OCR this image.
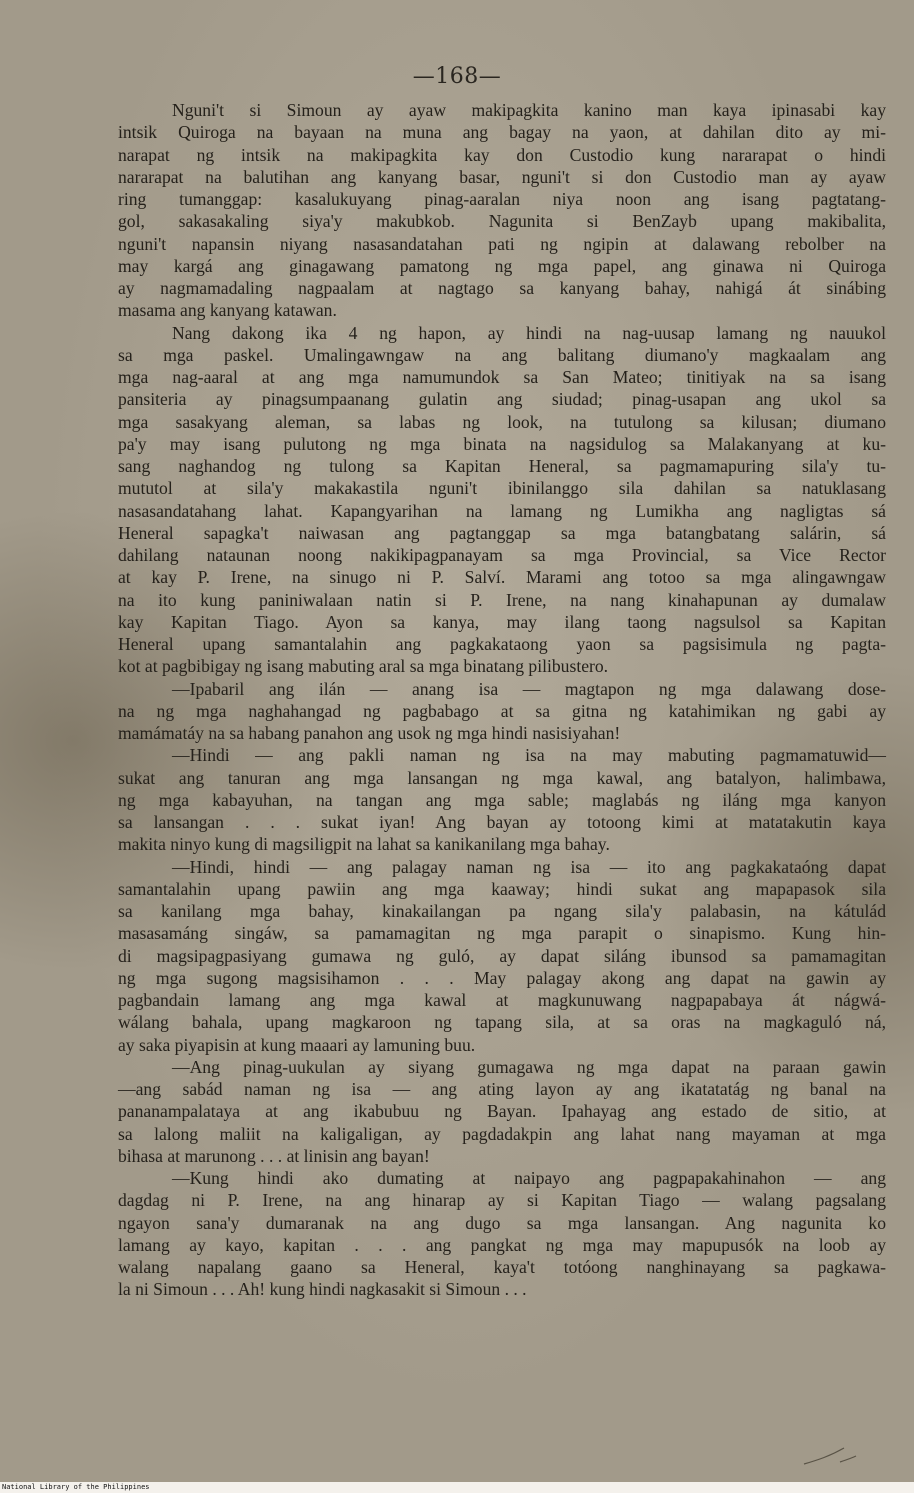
—168—
Nguni't si Simoun ay ayaw makipagkita kanino man kaya ipinasabi kay
intsik Quiroga na bayaan na muna ang bagay na yaon, at dahilan dito ay mi-
narapat ng intsik na makipagkita kay don Custodio kung nararapat o hindi
nararapat na balutihan ang kanyang basar, nguni't si don Custodio man ay ayaw
ring tumanggap: kasalukuyang pinag-aaralan niya noon ang isang pagtatang-
gol, sakasakaling siya'y makubkob. Nagunita si BenZayb upang makibalita,
nguni't napansin niyang nasasandatahan pati ng ngipin at dalawang rebolber na
may kargá ang ginagawang pamatong ng mga papel, ang ginawa ni Quiroga
ay nagmamadaling nagpaalam at nagtago sa kanyang bahay, nahigá át sinábing
masama ang kanyang katawan.
Nang dakong ika 4 ng hapon, ay hindi na nag-uusap lamang ng nauukol
sa mga paskel. Umalingawngaw na ang balitang diumano'y magkaalam ang
mga nag-aaral at ang mga namumundok sa San Mateo; tinitiyak na sa isang
pansiteria ay pinagsumpaanang gulatin ang siudad; pinag-usapan ang ukol sa
mga sasakyang aleman, sa labas ng look, na tutulong sa kilusan; diumano
pa'y may isang pulutong ng mga binata na nagsidulog sa Malakanyang at ku-
sang naghandog ng tulong sa Kapitan Heneral, sa pagmamapuring sila'y tu-
mututol at sila'y makakastila nguni't ibinilanggo sila dahilan sa natuklasang
nasasandatahang lahat. Kapangyarihan na lamang ng Lumikha ang nagligtas sá
Heneral sapagka't naiwasan ang pagtanggap sa mga batangbatang salárin, sá
dahilang nataunan noong nakikipagpanayam sa mga Provincial, sa Vice Rector
at kay P. Irene, na sinugo ni P. Salví. Marami ang totoo sa mga alingawngaw
na ito kung paniniwalaan natin si P. Irene, na nang kinahapunan ay dumalaw
kay Kapitan Tiago. Ayon sa kanya, may ilang taong nagsulsol sa Kapitan
Heneral upang samantalahin ang pagkakataong yaon sa pagsisimula ng pagta-
kot at pagbibigay ng isang mabuting aral sa mga binatang pilibustero.
—Ipabaril ang ilán — anang isa — magtapon ng mga dalawang dose-
na ng mga naghahangad ng pagbabago at sa gitna ng katahimikan ng gabi ay
mamámatáy na sa habang panahon ang usok ng mga hindi nasisiyahan!
—Hindi — ang pakli naman ng isa na may mabuting pagmamatuwid—
sukat ang tanuran ang mga lansangan ng mga kawal, ang batalyon, halimbawa,
ng mga kabayuhan, na tangan ang mga sable; maglabás ng iláng mga kanyon
sa lansangan . . . sukat iyan! Ang bayan ay totoong kimi at matatakutin kaya
makita ninyo kung di magsiligpit na lahat sa kanikanilang mga bahay.
—Hindi, hindi — ang palagay naman ng isa — ito ang pagkakataóng dapat
samantalahin upang pawiin ang mga kaaway; hindi sukat ang mapapasok sila
sa kanilang mga bahay, kinakailangan pa ngang sila'y palabasin, na kátulád
masasamáng singáw, sa pamamagitan ng mga parapit o sinapismo. Kung hin-
di magsipagpasiyang gumawa ng guló, ay dapat siláng ibunsod sa pamamagitan
ng mga sugong magsisihamon . . . May palagay akong ang dapat na gawin ay
pagbandain lamang ang mga kawal at magkunuwang nagpapabaya át nágwá-
wálang bahala, upang magkaroon ng tapang sila, at sa oras na magkaguló ná,
ay saka piyapisin at kung maaari ay lamuning buu.
—Ang pinag-uukulan ay siyang gumagawa ng mga dapat na paraan gawin
—ang sabád naman ng isa — ang ating layon ay ang ikatatatág ng banal na
pananampalataya at ang ikabubuu ng Bayan. Ipahayag ang estado de sitio, at
sa lalong maliit na kaligaligan, ay pagdadakpin ang lahat nang mayaman at mga
bihasa at marunong . . . at linisin ang bayan!
—Kung hindi ako dumating at naipayo ang pagpapakahinahon — ang
dagdag ni P. Irene, na ang hinarap ay si Kapitan Tiago — walang pagsalang
ngayon sana'y dumaranak na ang dugo sa mga lansangan. Ang nagunita ko
lamang ay kayo, kapitan . . . ang pangkat ng mga may mapupusók na loob ay
walang napalang gaano sa Heneral, kaya't totóong nanghinayang sa pagkawa-
la ni Simoun . . . Ah! kung hindi nagkasakit si Simoun . . .
National Library of the Philippines
